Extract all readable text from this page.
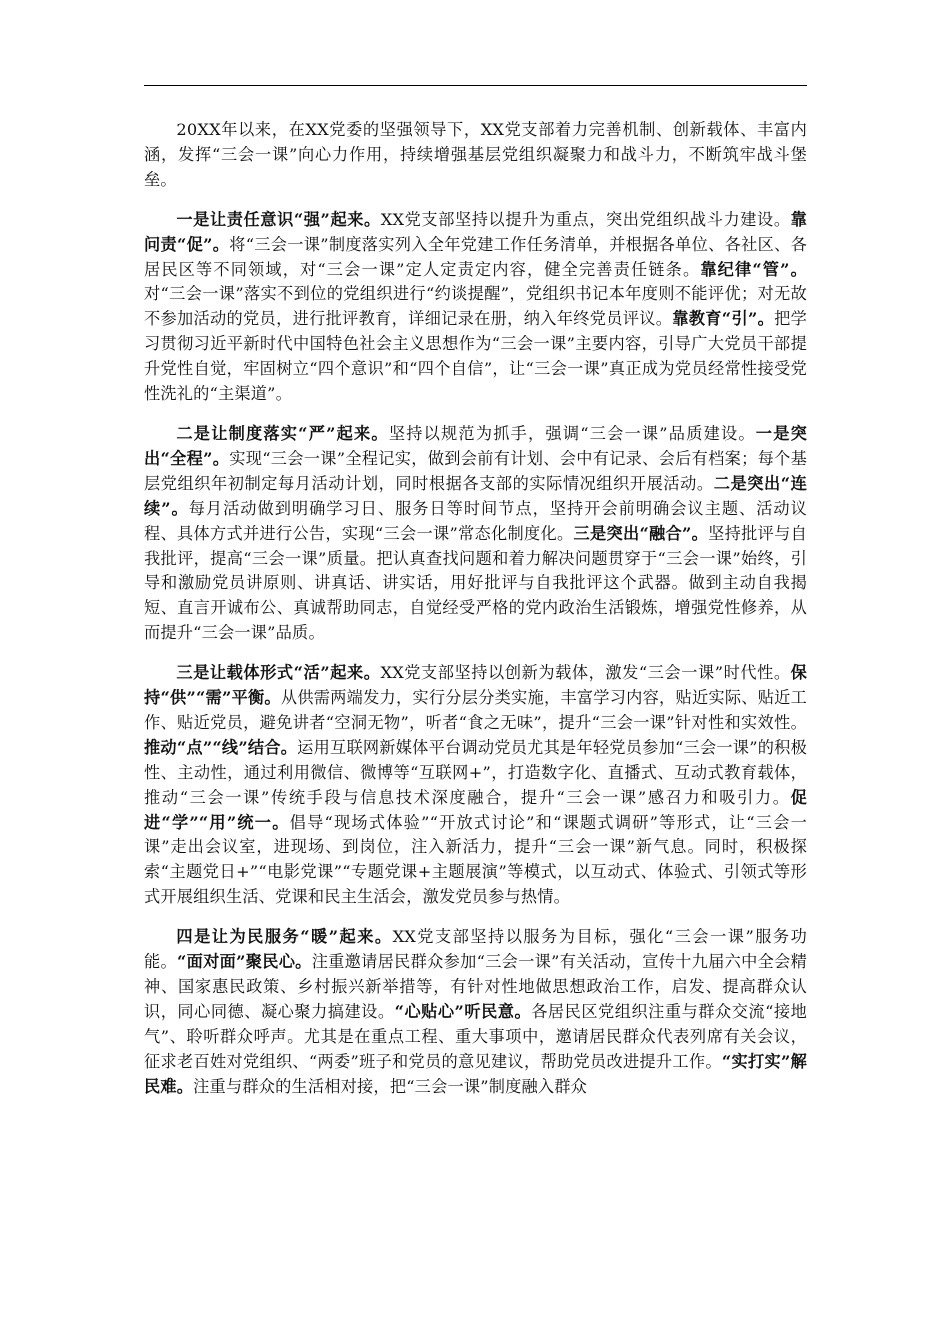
20XX年以来，在XX党委的坚强领导下，XX党支部着力完善机制、创新载体、丰富内涵，发挥“三会一课”向心力作用，持续增强基层党组织凝聚力和战斗力，不断筑牢战斗堡垒。

一是让责任意识“强”起来。XX党支部坚持以提升为重点，突出党组织战斗力建设。靠问责“促”。将“三会一课”制度落实列入全年党建工作任务清单，并根据各单位、各社区、各居民区等不同领域，对“三会一课”定人定责定内容，健全完善责任链条。靠纪律“管”。对“三会一课”落实不到位的党组织进行“约谈提醒”，党组织书记本年度则不能评优；对无故不参加活动的党员，进行批评教育，详细记录在册，纳入年终党员评议。靠教育“引”。把学习贯彻习近平新时代中国特色社会主义思想作为“三会一课”主要内容，引导广大党员干部提升党性自觉，牢固树立“四个意识”和“四个自信”，让“三会一课”真正成为党员经常性接受党性洗礼的“主渠道”。

二是让制度落实“严”起来。坚持以规范为抓手，强调“三会一课”品质建设。一是突出“全程”。实现“三会一课”全程记实，做到会前有计划、会中有记录、会后有档案；每个基层党组织年初制定每月活动计划，同时根据各支部的实际情况组织开展活动。二是突出“连续”。每月活动做到明确学习日、服务日等时间节点，坚持开会前明确会议主题、活动议程、具体方式并进行公告，实现“三会一课”常态化制度化。三是突出“融合”。坚持批评与自我批评，提高“三会一课”质量。把认真查找问题和着力解决问题贯穿于“三会一课”始终，引导和激励党员讲原则、讲真话、讲实话，用好批评与自我批评这个武器。做到主动自我揭短、直言开诚布公、真诚帮助同志，自觉经受严格的党内政治生活锻炼，增强党性修养，从而提升“三会一课”品质。

三是让载体形式“活”起来。XX党支部坚持以创新为载体，激发“三会一课”时代性。保持“供”“需”平衡。从供需两端发力，实行分层分类实施，丰富学习内容，贴近实际、贴近工作、贴近党员，避免讲者“空洞无物”，听者“食之无味”，提升“三会一课”针对性和实效性。推动“点”“线”结合。运用互联网新媒体平台调动党员尤其是年轻党员参加“三会一课”的积极性、主动性，通过利用微信、微博等“互联网+”，打造数字化、直播式、互动式教育载体，推动“三会一课”传统手段与信息技术深度融合，提升“三会一课”感召力和吸引力。促进“学”“用”统一。倡导“现场式体验”“开放式讨论”和“课题式调研”等形式，让“三会一课”走出会议室，进现场、到岗位，注入新活力，提升“三会一课”新气息。同时，积极探索“主题党日+”“电影党课”“专题党课+主题展演”等模式，以互动式、体验式、引领式等形式开展组织生活、党课和民主生活会，激发党员参与热情。

四是让为民服务“暖”起来。XX党支部坚持以服务为目标，强化“三会一课”服务功能。“面对面”聚民心。注重邀请居民群众参加“三会一课”有关活动，宣传十九届六中全会精神、国家惠民政策、乡村振兴新举措等，有针对性地做思想政治工作，启发、提高群众认识，同心同德、凝心聚力搞建设。“心贴心”听民意。各居民区党组织注重与群众交流“接地气”、聆听群众呼声。尤其是在重点工程、重大事项中，邀请居民群众代表列席有关会议，征求老百姓对党组织、“两委”班子和党员的意见建议，帮助党员改进提升工作。“实打实”解民难。注重与群众的生活相对接，把“三会一课”制度融入群众
